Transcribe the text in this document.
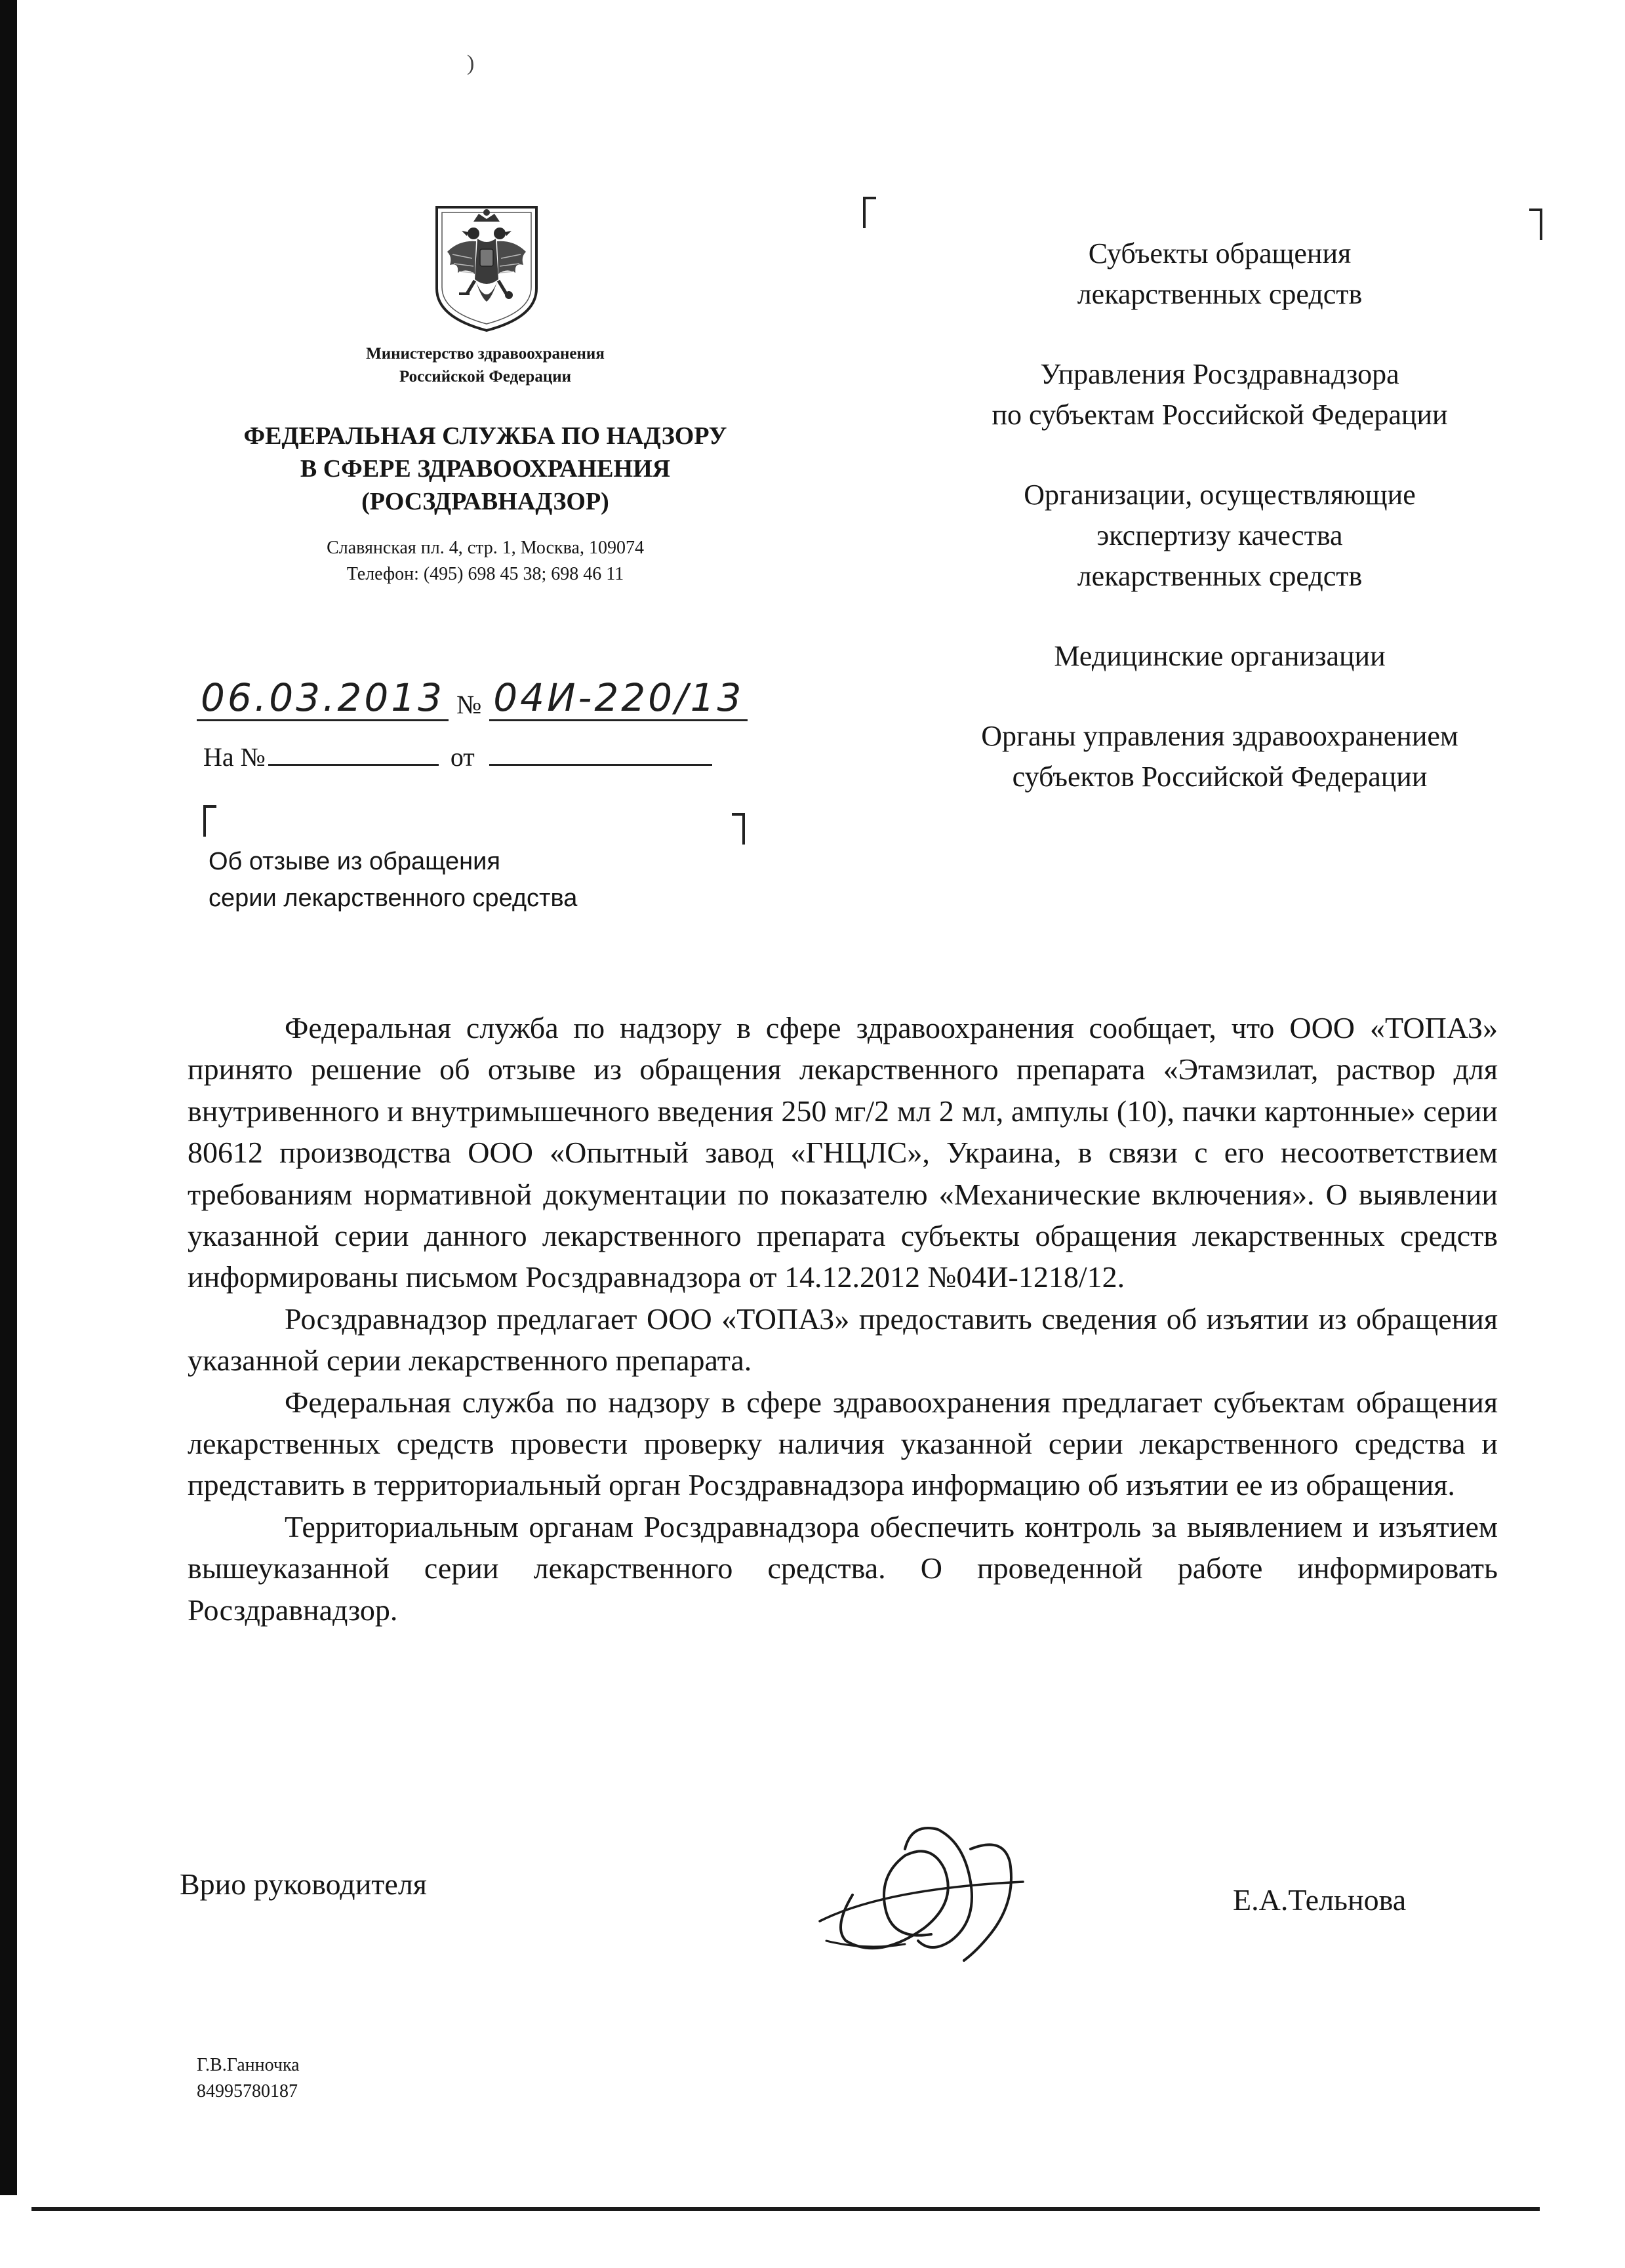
)
Министерство здравоохранения
Российской Федерации
ФЕДЕРАЛЬНАЯ СЛУЖБА ПО НАДЗОРУ
В СФЕРЕ ЗДРАВООХРАНЕНИЯ
(РОСЗДРАВНАДЗОР)
Славянская пл. 4, стр. 1, Москва, 109074
Телефон: (495) 698 45 38; 698 46 11
06.03.2013 № 04И-220/13
На №	от
Об отзыве из обращения
серии лекарственного средства
Субъекты обращения
лекарственных средств
Управления Росздравнадзора
по субъектам Российской Федерации
Организации, осуществляющие
экспертизу качества
лекарственных средств
Медицинские организации
Органы управления здравоохранением
субъектов Российской Федерации

Федеральная служба по надзору в сфере здравоохранения сообщает, что ООО «ТОПАЗ» принято решение об отзыве из обращения лекарственного препарата «Этамзилат, раствор для внутривенного и внутримышечного введения 250 мг/2 мл 2 мл, ампулы (10), пачки картонные» серии 80612 производства ООО «Опытный завод «ГНЦЛС», Украина, в связи с его несоответствием требованиям нормативной документации по показателю «Механические включения». О выявлении указанной серии данного лекарственного препарата субъекты обращения лекарственных средств информированы письмом Росздравнадзора от 14.12.2012 №04И-1218/12.

Росздравнадзор предлагает ООО «ТОПАЗ» предоставить сведения об изъятии из обращения указанной серии лекарственного препарата.

Федеральная служба по надзору в сфере здравоохранения предлагает субъектам обращения лекарственных средств провести проверку наличия указанной серии лекарственного средства и представить в территориальный орган Росздравнадзора информацию об изъятии ее из обращения.

Территориальным органам Росздравнадзора обеспечить контроль за выявлением и изъятием вышеуказанной серии лекарственного средства. О проведенной работе информировать Росздравнадзор.

Врио руководителя	Е.А.Тельнова
Г.В.Ганночка
84995780187
